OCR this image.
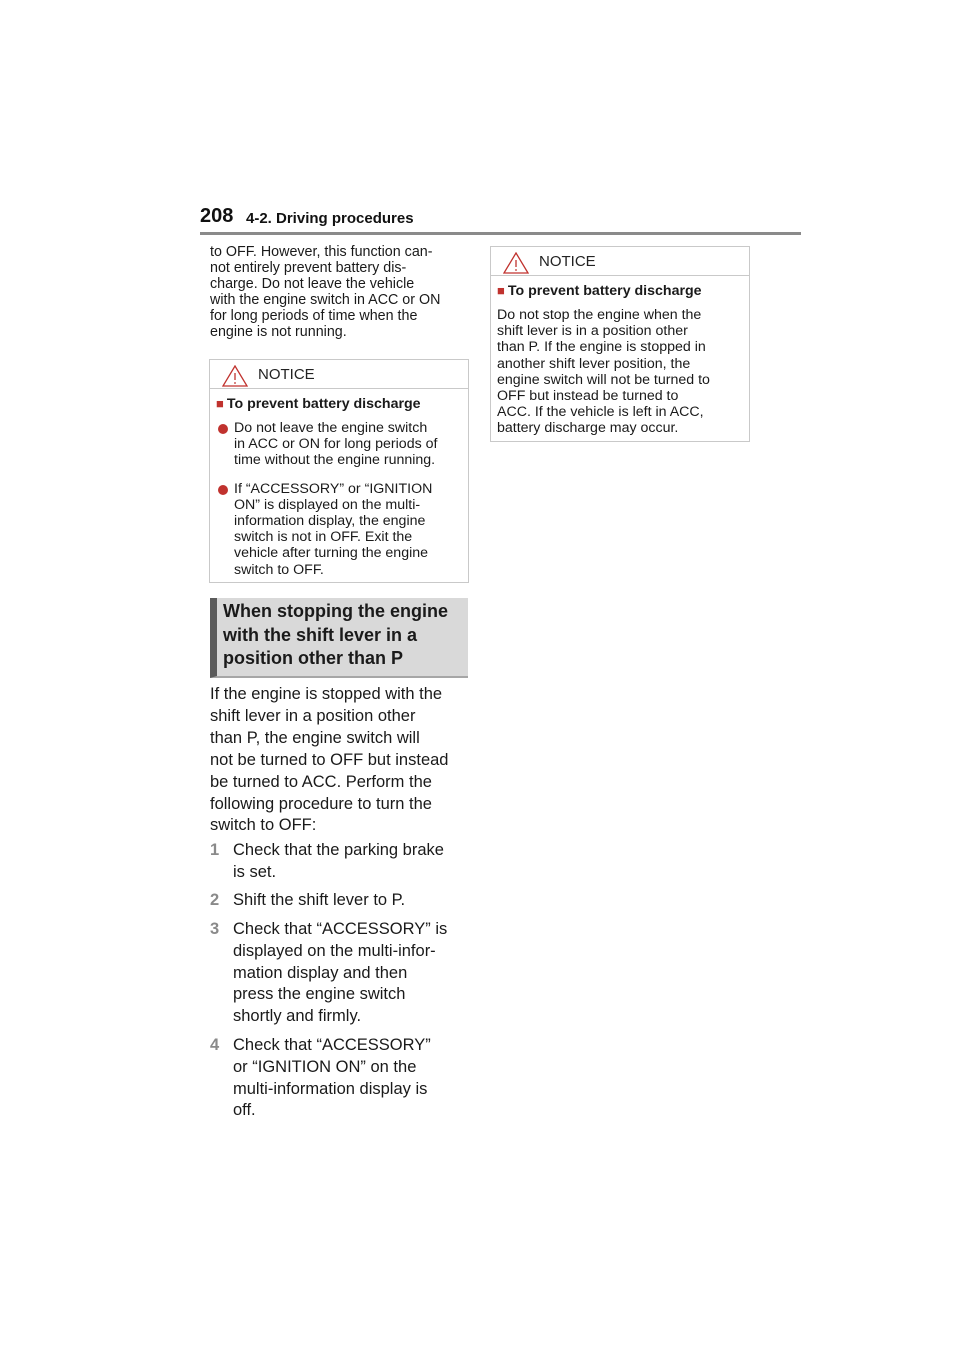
208 4-2. Driving procedures
to OFF. However, this function can-
not entirely prevent battery dis-
charge. Do not leave the vehicle
with the engine switch in ACC or ON
for long periods of time when the
engine is not running.
NOTICE
■ To prevent battery discharge
Do not leave the engine switch
in ACC or ON for long periods of
time without the engine running.
If “ACCESSORY” or “IGNITION
ON” is displayed on the multi-
information display, the engine
switch is not in OFF. Exit the
vehicle after turning the engine
switch to OFF.
When stopping the engine
with the shift lever in a
position other than P
If the engine is stopped with the
shift lever in a position other
than P, the engine switch will
not be turned to OFF but instead
be turned to ACC. Perform the
following procedure to turn the
switch to OFF:
1 Check that the parking brake
is set.
2 Shift the shift lever to P.
3 Check that “ACCESSORY” is
displayed on the multi-infor-
mation display and then
press the engine switch
shortly and firmly.
4 Check that “ACCESSORY”
or “IGNITION ON” on the
multi-information display is
off.
NOTICE
■ To prevent battery discharge
Do not stop the engine when the
shift lever is in a position other
than P. If the engine is stopped in
another shift lever position, the
engine switch will not be turned to
OFF but instead be turned to
ACC. If the vehicle is left in ACC,
battery discharge may occur.
